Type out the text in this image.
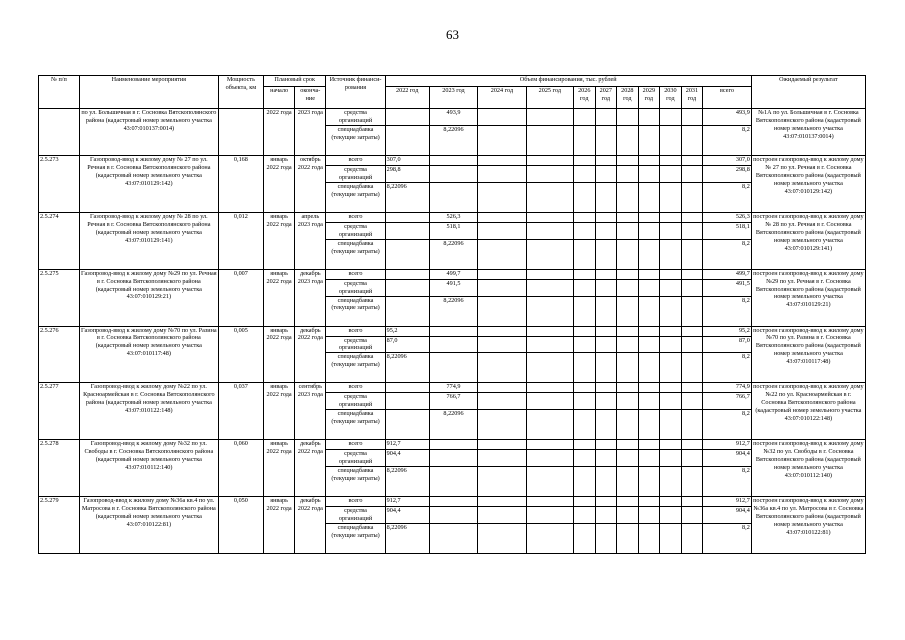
63
№ п/п	Наименование мероприятия	Мощность объекта, км	Плановый срок		Источник финанси-рования	Объем финансирования, тыс. рублей											Ожидаемый результат
			начало	оконча-ние		2022 год	2023 год	2024 год	2025 год	2026 год	2027 год	2028 год	2029 год	2030 год	2031 год	всего	
	по ул. Большичная в г. Сосновка Вятскополянского района (кадастровый номер земельного участка 43:07:010137:0014)		2022 года	2023 года	средства организаций		493,9									493,9	№1А по ул. Большичная в г. Сосновка Вятскополянского района (кадастровый номер земельного участка 43:07:010137:0014)
					спецнадбавка (текущие затраты)		8,22096									8,2	
2.5.273	Газопровод-ввод к жилому дому № 27 по ул. Речная в г. Сосновка Вятскополянского района (кадастровый номер земельного участка 43:07:010129:142)	0,168	январь 2022 года	октябрь 2022 года	всего	307,0										307,0	построен газопровод-ввод к жилому дому № 27 по ул. Речная в г. Сосновка Вятскополянского района (кадастровый номер земельного участка 43:07:010129:142)
					средства организаций	298,8										298,8	
					спецнадбавка (текущие затраты)	8,22096										8,2	
2.5.274	Газопровод-ввод к жилому дому № 28 по ул. Речная в г. Сосновка Вятскополянского района (кадастровый номер земельного участка 43:07:010129:141)	0,012	январь 2022 года	апрель 2023 года	всего		526,3									526,3	построен газопровод-ввод к жилому дому № 28 по ул. Речная в г. Сосновка Вятскополянского района (кадастровый номер земельного участка 43:07:010129:141)
					средства организаций		518,1									518,1	
					спецнадбавка (текущие затраты)		8,22096									8,2	
2.5.275	Газопровод-ввод к жилому дому №29 по ул. Речная в г. Сосновка Вятскополянского района (кадастровый номер земельного участка 43:07:010129:21)	0,007	январь 2022 года	декабрь 2023 года	всего		499,7									499,7	построен газопровод-ввод к жилому дому №29 по ул. Речная в г. Сосновка Вятскополянского района (кадастровый номер земельного участка 43:07:010129:21)
					средства организаций		491,5									491,5	
					спецнадбавка (текущие затраты)		8,22096									8,2	
2.5.276	Газопровод-ввод к жилому дому №70 по ул. Разина в г. Сосновка Вятскополянского района (кадастровый номер земельного участка 43:07:010117:48)	0,005	январь 2022 года	декабрь 2022 года	всего	95,2										95,2	построен газопровод-ввод к жилому дому №70 по ул. Разина в г. Сосновка Вятскополянского района (кадастровый номер земельного участка 43:07:010117:48)
					средства организаций	87,0										87,0	
					спецнадбавка (текущие затраты)	8,22096										8,2	
2.5.277	Газопровод-ввод к жилому дому №22 по ул. Красноармейская в г. Сосновка Вятскополянского района (кадастровый номер земельного участка 43:07:010122:148)	0,037	январь 2022 года	сентябрь 2023 года	всего		774,9									774,9	построен газопровод-ввод к жилому дому №22 по ул. Красноармейская в г. Сосновка Вятскополянского района (кадастровый номер земельного участка 43:07:010122:148)
					средства организаций		766,7									766,7	
					спецнадбавка (текущие затраты)		8,22096									8,2	
2.5.278	Газопровод-ввод к жилому дому №32 по ул. Свободы в г. Сосновка Вятскополянского района (кадастровый номер земельного участка 43:07:010112:140)	0,060	январь 2022 года	декабрь 2022 года	всего	912,7										912,7	построен газопровод-ввод к жилому дому №32 по ул. Свободы в г. Сосновка Вятскополянского района (кадастровый номер земельного участка 43:07:010112:140)
					средства организаций	904,4										904,4	
					спецнадбавка (текущие затраты)	8,22096										8,2	
2.5.279	Газопровод-ввод к жилому дому №36а кв.4 по ул. Матросова в г. Сосновка Вятскополянского района (кадастровый номер земельного участка 43:07:010122:81)	0,050	январь 2022 года	декабрь 2022 года	всего	912,7										912,7	построен газопровод-ввод к жилому дому №36а кв.4 по ул. Матросова в г. Сосновка Вятскополянского района (кадастровый номер земельного участка 43:07:010122:81)
					средства организаций	904,4										904,4	
					спецнадбавка (текущие затраты)	8,22096										8,2	
